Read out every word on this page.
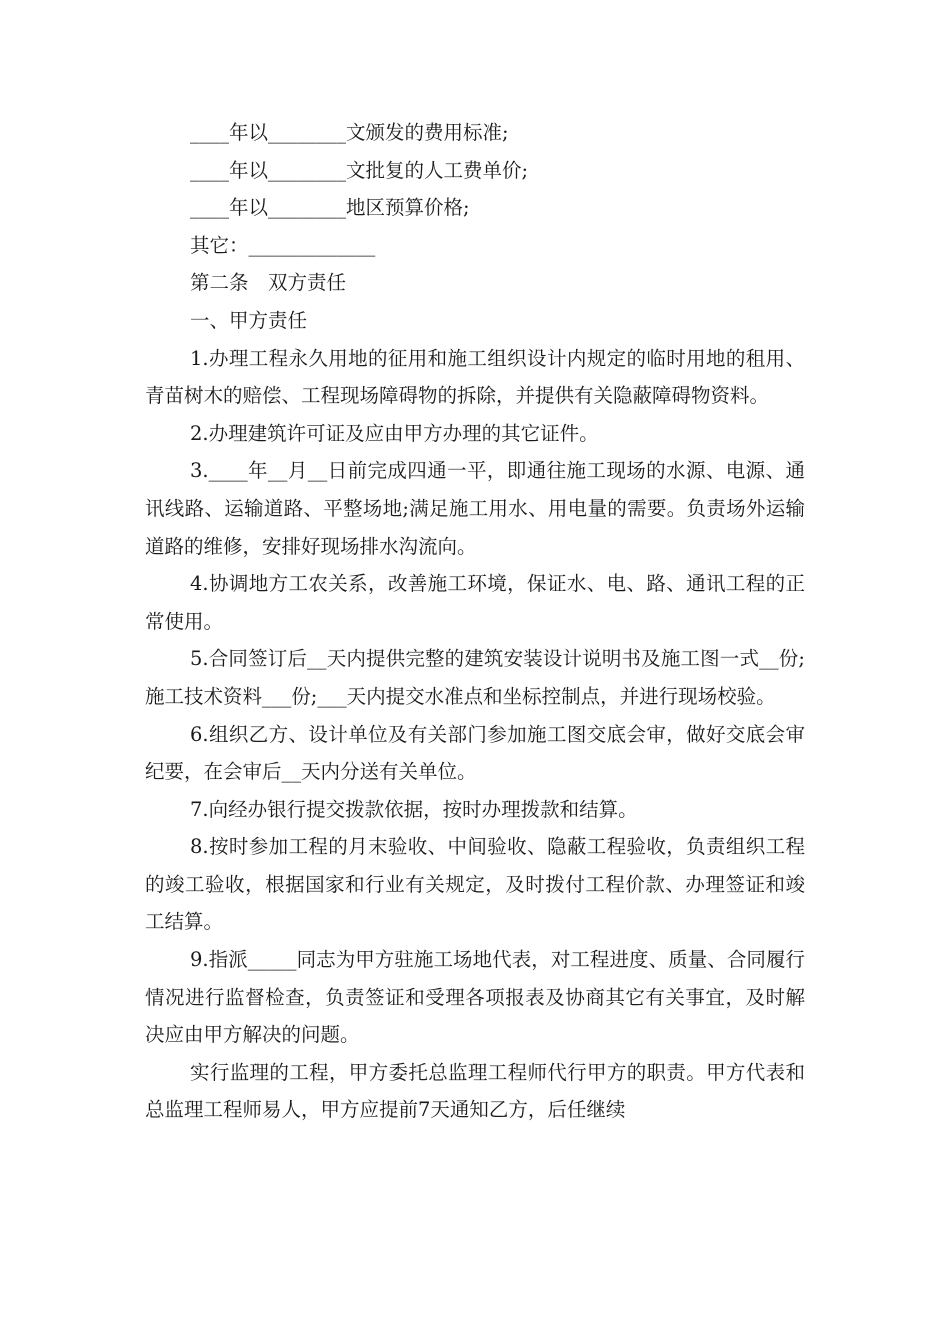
____年以________文颁发的费用标准;

____年以________文批复的人工费单价;

____年以________地区预算价格;

其它：_____________

第二条　双方责任

一、甲方责任

1.办理工程永久用地的征用和施工组织设计内规定的临时用地的租用、青苗树木的赔偿、工程现场障碍物的拆除，并提供有关隐蔽障碍物资料。

2.办理建筑许可证及应由甲方办理的其它证件。

3.____年__月__日前完成四通一平，即通往施工现场的水源、电源、通讯线路、运输道路、平整场地;满足施工用水、用电量的需要。负责场外运输道路的维修，安排好现场排水沟流向。

4.协调地方工农关系，改善施工环境，保证水、电、路、通讯工程的正常使用。

5.合同签订后__天内提供完整的建筑安装设计说明书及施工图一式__份;施工技术资料___份;___天内提交水准点和坐标控制点，并进行现场校验。

6.组织乙方、设计单位及有关部门参加施工图交底会审，做好交底会审纪要，在会审后__天内分送有关单位。

7.向经办银行提交拨款依据，按时办理拨款和结算。

8.按时参加工程的月末验收、中间验收、隐蔽工程验收，负责组织工程的竣工验收，根据国家和行业有关规定，及时拨付工程价款、办理签证和竣工结算。

9.指派_____同志为甲方驻施工场地代表，对工程进度、质量、合同履行情况进行监督检查，负责签证和受理各项报表及协商其它有关事宜，及时解决应由甲方解决的问题。

实行监理的工程，甲方委托总监理工程师代行甲方的职责。甲方代表和总监理工程师易人，甲方应提前7天通知乙方，后任继续
